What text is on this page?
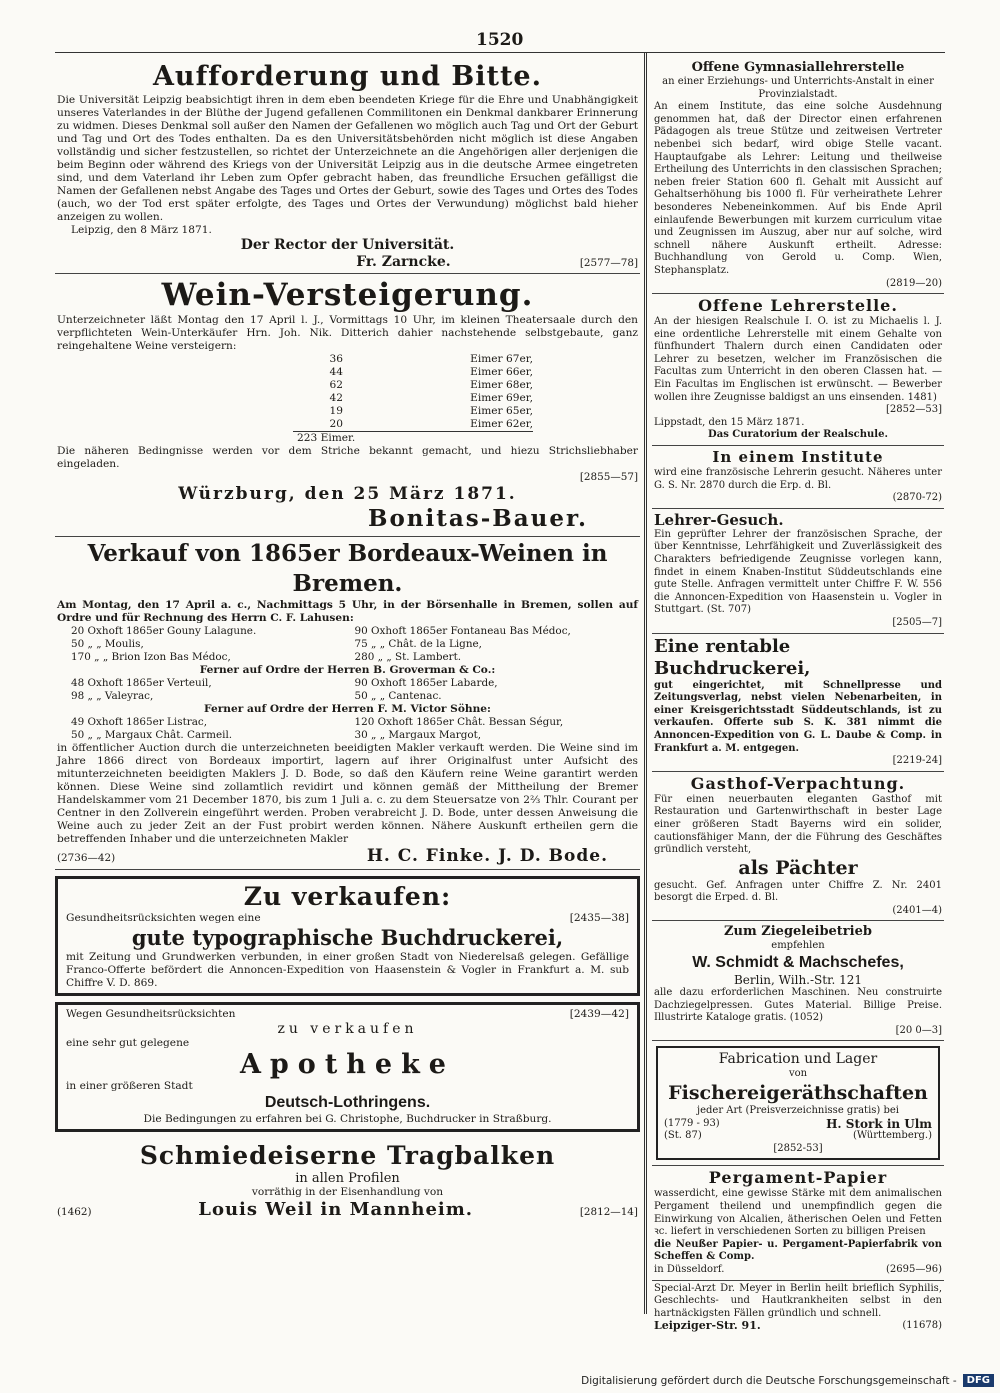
1520
Aufforderung und Bitte.

Die Universität Leipzig beabsichtigt ihren in dem eben beendeten Kriege für die Ehre und Unabhängigkeit unseres Vaterlandes in der Blüthe der Jugend gefallenen Commilitonen ein Denkmal dankbarer Erinnerung zu widmen. Dieses Denkmal soll außer den Namen der Gefallenen wo möglich auch Tag und Ort der Geburt und Tag und Ort des Todes enthalten. Da es den Universitätsbehörden nicht möglich ist diese Angaben vollständig und sicher festzustellen, so richtet der Unterzeichnete an die Angehörigen aller derjenigen die beim Beginn oder während des Kriegs von der Universität Leipzig aus in die deutsche Armee eingetreten sind, und dem Vaterland ihr Leben zum Opfer gebracht haben, das freundliche Ersuchen gefälligst die Namen der Gefallenen nebst Angabe des Tages und Ortes der Geburt, sowie des Tages und Ortes des Todes (auch, wo der Tod erst später erfolgte, des Tages und Ortes der Verwundung) möglichst bald hieher anzeigen zu wollen.

Leipzig, den 8 März 1871.

Der Rector der Universität.
Fr. Zarncke.	[2577—78]
Wein-Versteigerung.

Unterzeichneter läßt Montag den 17 April l. J., Vormittags 10 Uhr, im kleinen Theatersaale durch den verpflichteten Wein-Unterkäufer Hrn. Joh. Nik. Ditterich dahier nachstehende selbstgebaute, ganz reingehaltene Weine versteigern:

36	Eimer 67er,
44	Eimer 66er,
62	Eimer 68er,
42	Eimer 69er,
19	Eimer 65er,
20	Eimer 62er,
223 Eimer.

Die näheren Bedingnisse werden vor dem Striche bekannt gemacht, und hiezu Strichsliebhaber eingeladen.

[2855—57]
Würzburg, den 25 März 1871.
Bonitas-Bauer.
Verkauf von 1865er Bordeaux-Weinen in Bremen.

Am Montag, den 17 April a. c., Nachmittags 5 Uhr, in der Börsenhalle in Bremen, sollen auf Ordre und für Rechnung des Herrn C. F. Lahusen:

20 Oxhoft 1865er Gouny Lalagune.	90 Oxhoft 1865er Fontaneau Bas Médoc,
50 „ „ Moulis,	75 „ „ Chât. de la Ligne,
170 „ „ Brion Izon Bas Médoc,	280 „ „ St. Lambert.
Ferner auf Ordre der Herren B. Groverman & Co.:
48 Oxhoft 1865er Verteuil,	90 Oxhoft 1865er Labarde,
98 „ „ Valeyrac,	50 „ „ Cantenac.
Ferner auf Ordre der Herren F. M. Victor Söhne:
49 Oxhoft 1865er Listrac,	120 Oxhoft 1865er Chât. Bessan Ségur,
50 „ „ Margaux Chât. Carmeil.	30 „ „ Margaux Margot,

in öffentlicher Auction durch die unterzeichneten beeidigten Makler verkauft werden. Die Weine sind im Jahre 1866 direct von Bordeaux importirt, lagern auf ihrer Originalfust unter Aufsicht des mitunterzeichneten beeidigten Maklers J. D. Bode, so daß den Käufern reine Weine garantirt werden können. Diese Weine sind zollamtlich revidirt und können gemäß der Mittheilung der Bremer Handelskammer vom 21 December 1870, bis zum 1 Juli a. c. zu dem Steuersatze von 2⅔ Thlr. Courant per Centner in den Zollverein eingeführt werden. Proben verabreicht J. D. Bode, unter dessen Anweisung die Weine auch zu jeder Zeit an der Fust probirt werden können. Nähere Auskunft ertheilen gern die betreffenden Inhaber und die unterzeichneten Makler

(2736—42)	H. C. Finke. J. D. Bode.
Zu verkaufen:
Gesundheitsrücksichten wegen eine	[2435—38]
gute typographische Buchdruckerei,

mit Zeitung und Grundwerken verbunden, in einer großen Stadt von Niederelsaß gelegen. Gefällige Franco-Offerte befördert die Annoncen-Expedition von Haasenstein & Vogler in Frankfurt a. M. sub Chiffre V. D. 869.

Wegen Gesundheitsrücksichten	[2439—42]
zu verkaufen
eine sehr gut gelegene
Apotheke
in einer größeren Stadt
Deutsch-Lothringens.
Die Bedingungen zu erfahren bei G. Christophe, Buchdrucker in Straßburg.
Schmiedeiserne Tragbalken
in allen Profilen
vorräthig in der Eisenhandlung von
(1462)	Louis Weil in Mannheim.	[2812—14]
Offene Gymnasiallehrerstelle
an einer Erziehungs- und Unterrichts-Anstalt in einer Provinzialstadt.

An einem Institute, das eine solche Ausdehnung genommen hat, daß der Director einen erfahrenen Pädagogen als treue Stütze und zeitweisen Vertreter nebenbei sich bedarf, wird obige Stelle vacant. Hauptaufgabe als Lehrer: Leitung und theilweise Ertheilung des Unterrichts in den classischen Sprachen; neben freier Station 600 fl. Gehalt mit Aussicht auf Gehaltserhöhung bis 1000 fl. Für verheirathete Lehrer besonderes Nebeneinkommen. Auf bis Ende April einlaufende Bewerbungen mit kurzem curriculum vitae und Zeugnissen im Auszug, aber nur auf solche, wird schnell nähere Auskunft ertheilt. Adresse: Buchhandlung von Gerold u. Comp. Wien, Stephansplatz.

(2819—20)
Offene Lehrerstelle.

An der hiesigen Realschule I. O. ist zu Michaelis l. J. eine ordentliche Lehrerstelle mit einem Gehalte von fünfhundert Thalern durch einen Candidaten oder Lehrer zu besetzen, welcher im Französischen die Facultas zum Unterricht in den oberen Classen hat. — Ein Facultas im Englischen ist erwünscht. — Bewerber wollen ihre Zeugnisse baldigst an uns einsenden. 1481)

[2852—53]
Lippstadt, den 15 März 1871.
Das Curatorium der Realschule.
In einem Institute

wird eine französische Lehrerin gesucht. Näheres unter G. S. Nr. 2870 durch die Erp. d. Bl.

(2870-72)
Lehrer-Gesuch.

Ein geprüfter Lehrer der französischen Sprache, der über Kenntnisse, Lehrfähigkeit und Zuverlässigkeit des Charakters befriedigende Zeugnisse vorlegen kann, findet in einem Knaben-Institut Süddeutschlands eine gute Stelle. Anfragen vermittelt unter Chiffre F. W. 556 die Annoncen-Expedition von Haasenstein u. Vogler in Stuttgart. (St. 707)

[2505—7]
Eine rentable Buchdruckerei,

gut eingerichtet, mit Schnellpresse und Zeitungsverlag, nebst vielen Nebenarbeiten, in einer Kreisgerichtsstadt Süddeutschlands, ist zu verkaufen. Offerte sub S. K. 381 nimmt die Annoncen-Expedition von G. L. Daube & Comp. in Frankfurt a. M. entgegen.

[2219-24]
Gasthof-Verpachtung.

Für einen neuerbauten eleganten Gasthof mit Restauration und Gartenwirthschaft in bester Lage einer größeren Stadt Bayerns wird ein solider, cautionsfähiger Mann, der die Führung des Geschäftes gründlich versteht,

als Pächter

gesucht. Gef. Anfragen unter Chiffre Z. Nr. 2401 besorgt die Erped. d. Bl.

(2401—4)
Zum Ziegeleibetrieb
empfehlen
W. Schmidt & Machschefes,
Berlin, Wilh.-Str. 121

alle dazu erforderlichen Maschinen. Neu construirte Dachziegelpressen. Gutes Material. Billige Preise. Illustrirte Kataloge gratis. (1052)

[20 0—3]
Fabrication und Lager
von
Fischereigeräthschaften
jeder Art (Preisverzeichnisse gratis) bei
(1779 - 93)	H. Stork in Ulm
(St. 87)	(Württemberg.)
[2852-53]
Pergament-Papier

wasserdicht, eine gewisse Stärke mit dem animalischen Pergament theilend und unempfindlich gegen die Einwirkung von Alcalien, ätherischen Oelen und Fetten ꝛc. liefert in verschiedenen Sorten zu billigen Preisen

die Neußer Papier- u. Pergament-Papierfabrik von Scheffen & Comp.

in Düsseldorf.	(2695—96)

Special-Arzt Dr. Meyer in Berlin heilt brieflich Syphilis, Geschlechts- und Hautkrankheiten selbst in den hartnäckigsten Fällen gründlich und schnell.

Leipziger-Str. 91.	(11678)
Digitalisierung gefördert durch die Deutsche Forschungsgemeinschaft -	DFG
